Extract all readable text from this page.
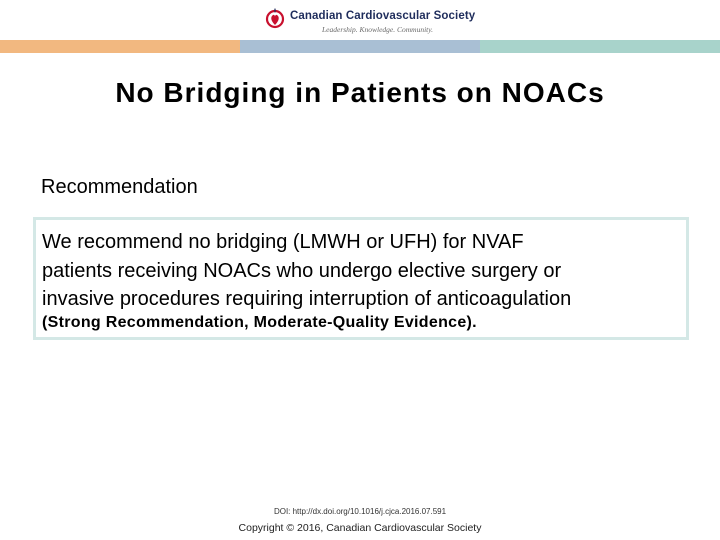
Canadian Cardiovascular Society
Leadership. Knowledge. Community.
No Bridging in Patients on NOACs
Recommendation
We recommend no bridging (LMWH or UFH) for NVAF
patients receiving NOACs who undergo elective surgery or
invasive procedures requiring interruption of anticoagulation
(Strong Recommendation, Moderate-Quality Evidence).
DOI: http://dx.doi.org/10.1016/j.cjca.2016.07.591
Copyright © 2016, Canadian Cardiovascular Society
